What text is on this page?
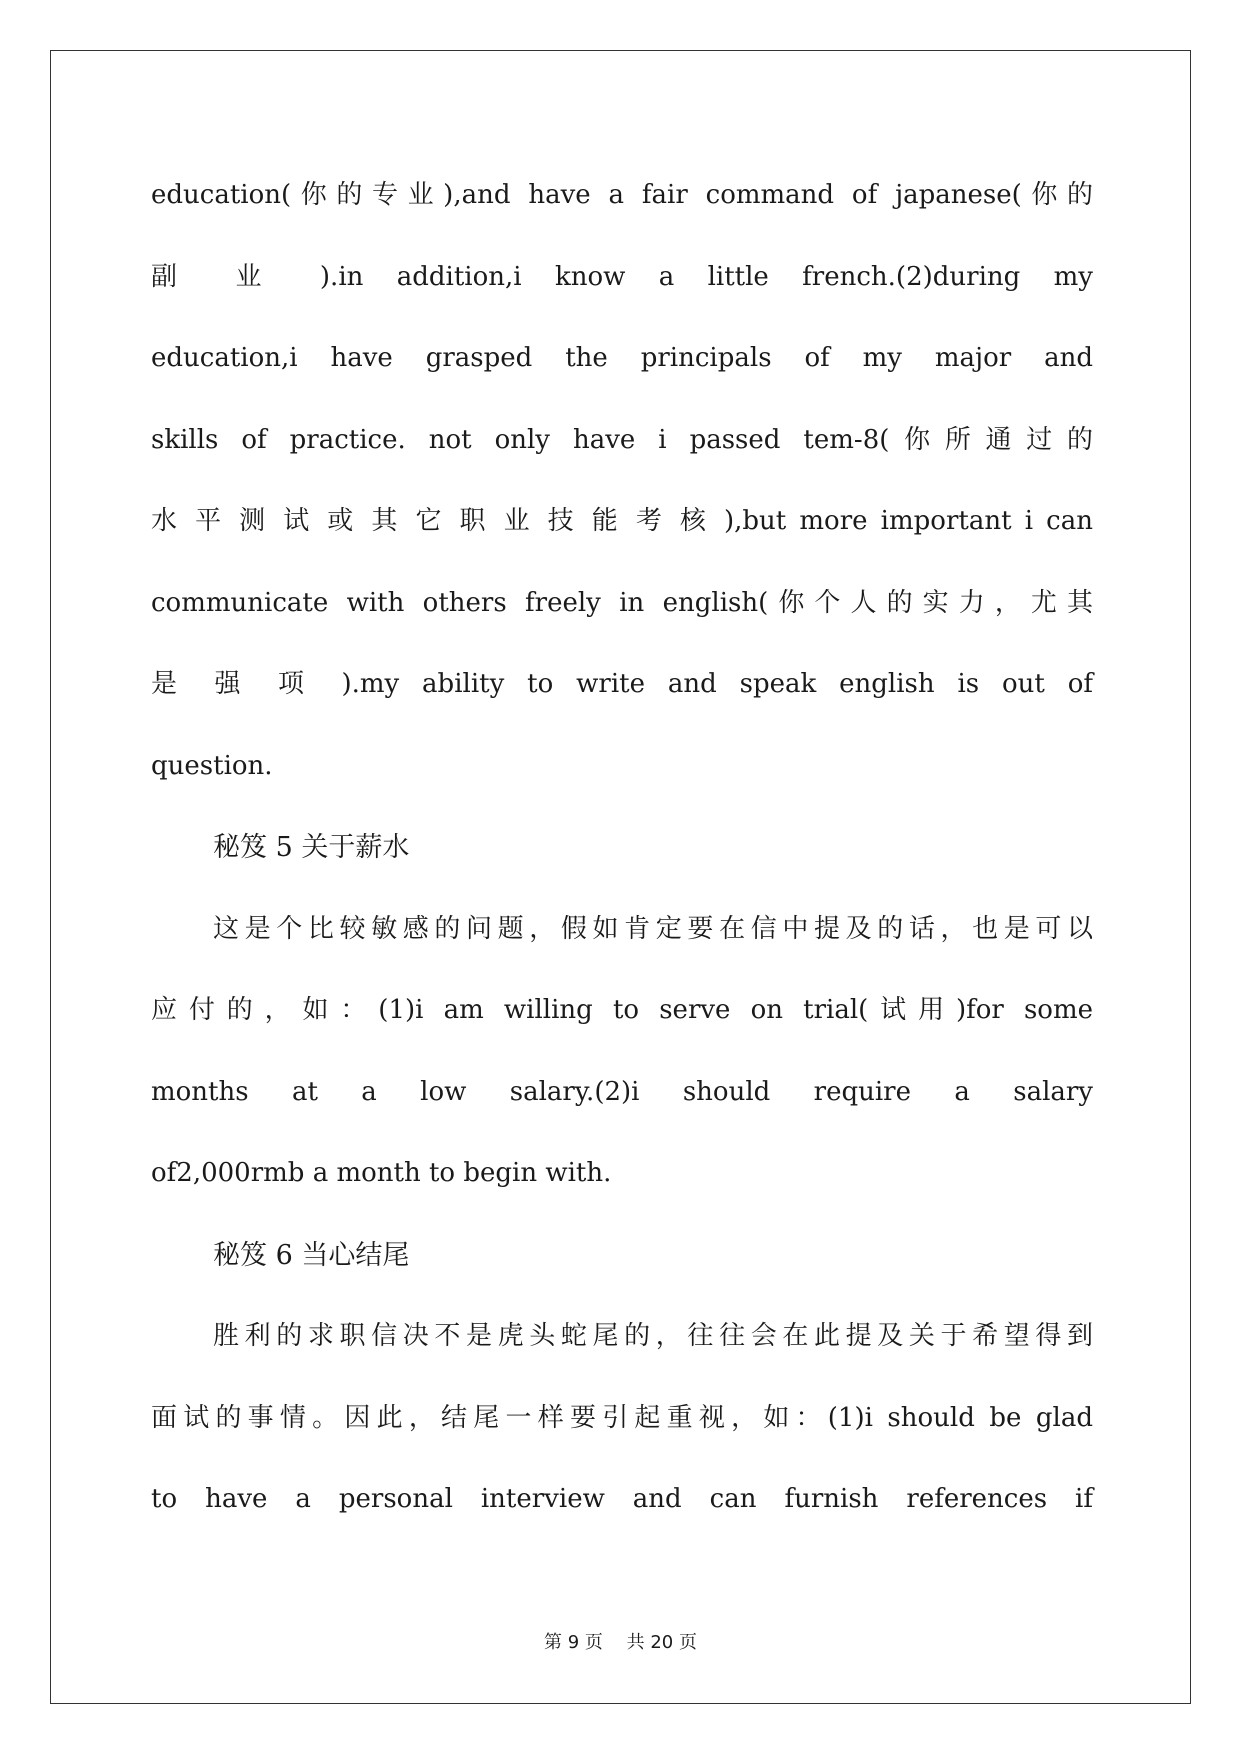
education(你的专业),and have a fair command of japanese(你的
副 业 ).in addition,i know a little french.(2)during my
education,i have grasped the principals of my major and
skills of practice. not only have i passed tem-8(你所通过的
水 平 测 试 或 其 它 职 业 技 能 考 核 ),but more important i can
communicate with others freely in english(你个人的实力，尤其
是 强 项 ).my ability to write and speak english is out of
question.
秘笈 5 关于薪水
这是个比较敏感的问题，假如肯定要在信中提及的话，也是可以
应付的，如：(1)i am willing to serve on trial(试用)for some
months at a low salary.(2)i should require a salary
of2,000rmb a month to begin with.
秘笈 6 当心结尾
胜利的求职信决不是虎头蛇尾的，往往会在此提及关于希望得到
面试的事情。因此，结尾一样要引起重视，如：(1)i should be glad
to have a personal interview and can furnish references if
第 9 页　 共 20 页
